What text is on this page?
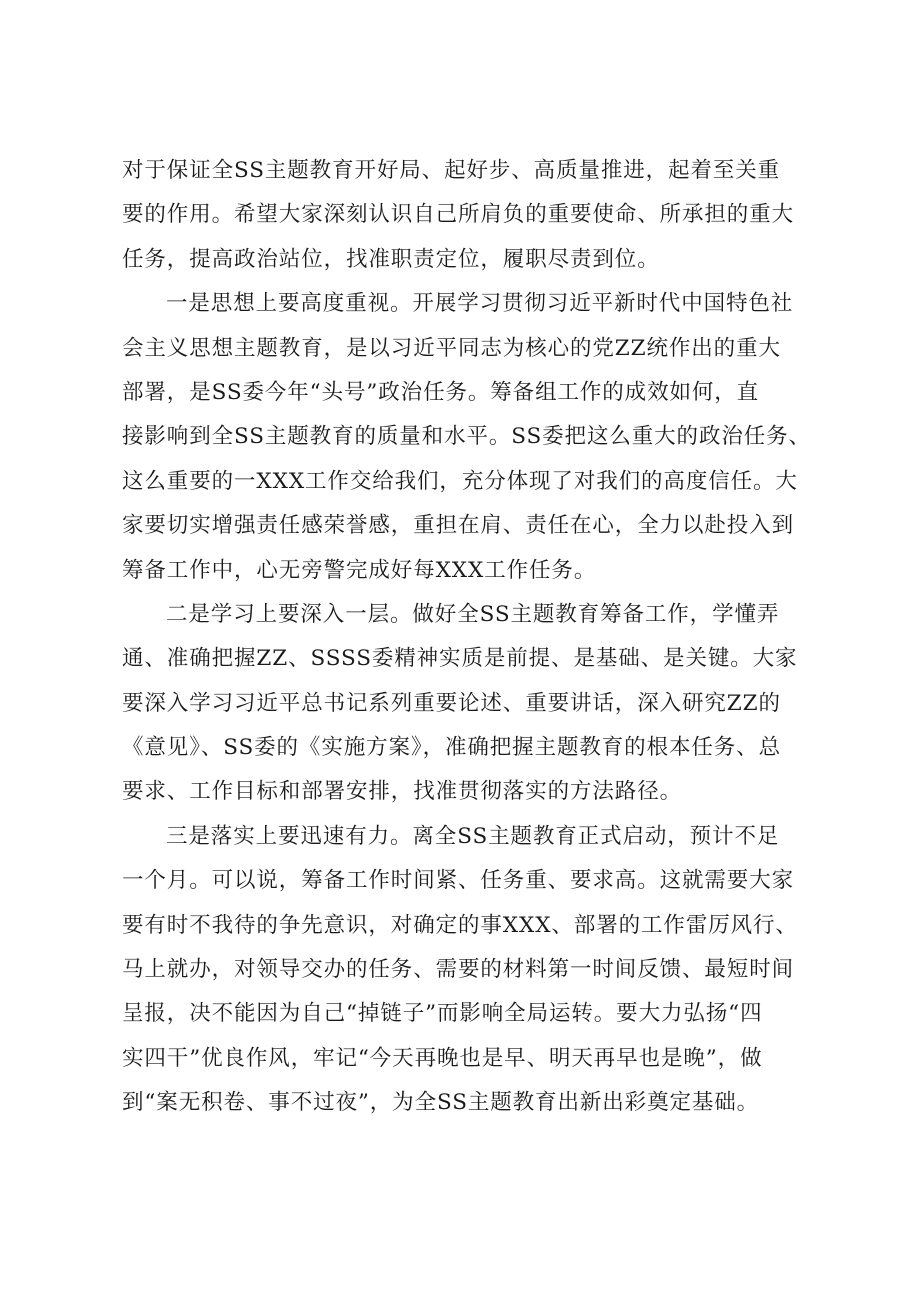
对于保证全SS主题教育开好局、起好步、高质量推进，起着至关重
要的作用。希望大家深刻认识自己所肩负的重要使命、所承担的重大
任务，提高政治站位，找准职责定位，履职尽责到位。
一是思想上要高度重视。开展学习贯彻习近平新时代中国特色社
会主义思想主题教育，是以习近平同志为核心的党ZZ统作出的重大
部署，是SS委今年“头号”政治任务。筹备组工作的成效如何，直
接影响到全SS主题教育的质量和水平。SS委把这么重大的政治任务、
这么重要的一XXX工作交给我们，充分体现了对我们的高度信任。大
家要切实增强责任感荣誉感，重担在肩、责任在心，全力以赴投入到
筹备工作中，心无旁警完成好每XXX工作任务。
二是学习上要深入一层。做好全SS主题教育筹备工作，学懂弄
通、准确把握ZZ、SSSS委精神实质是前提、是基础、是关键。大家
要深入学习习近平总书记系列重要论述、重要讲话，深入研究ZZ的
《意见》、SS委的《实施方案》，准确把握主题教育的根本任务、总
要求、工作目标和部署安排，找准贯彻落实的方法路径。
三是落实上要迅速有力。离全SS主题教育正式启动，预计不足
一个月。可以说，筹备工作时间紧、任务重、要求高。这就需要大家
要有时不我待的争先意识，对确定的事XXX、部署的工作雷厉风行、
马上就办，对领导交办的任务、需要的材料第一时间反馈、最短时间
呈报，决不能因为自己“掉链子”而影响全局运转。要大力弘扬“四
实四干”优良作风，牢记“今天再晚也是早、明天再早也是晚”，做
到“案无积卷、事不过夜”，为全SS主题教育出新出彩奠定基础。
